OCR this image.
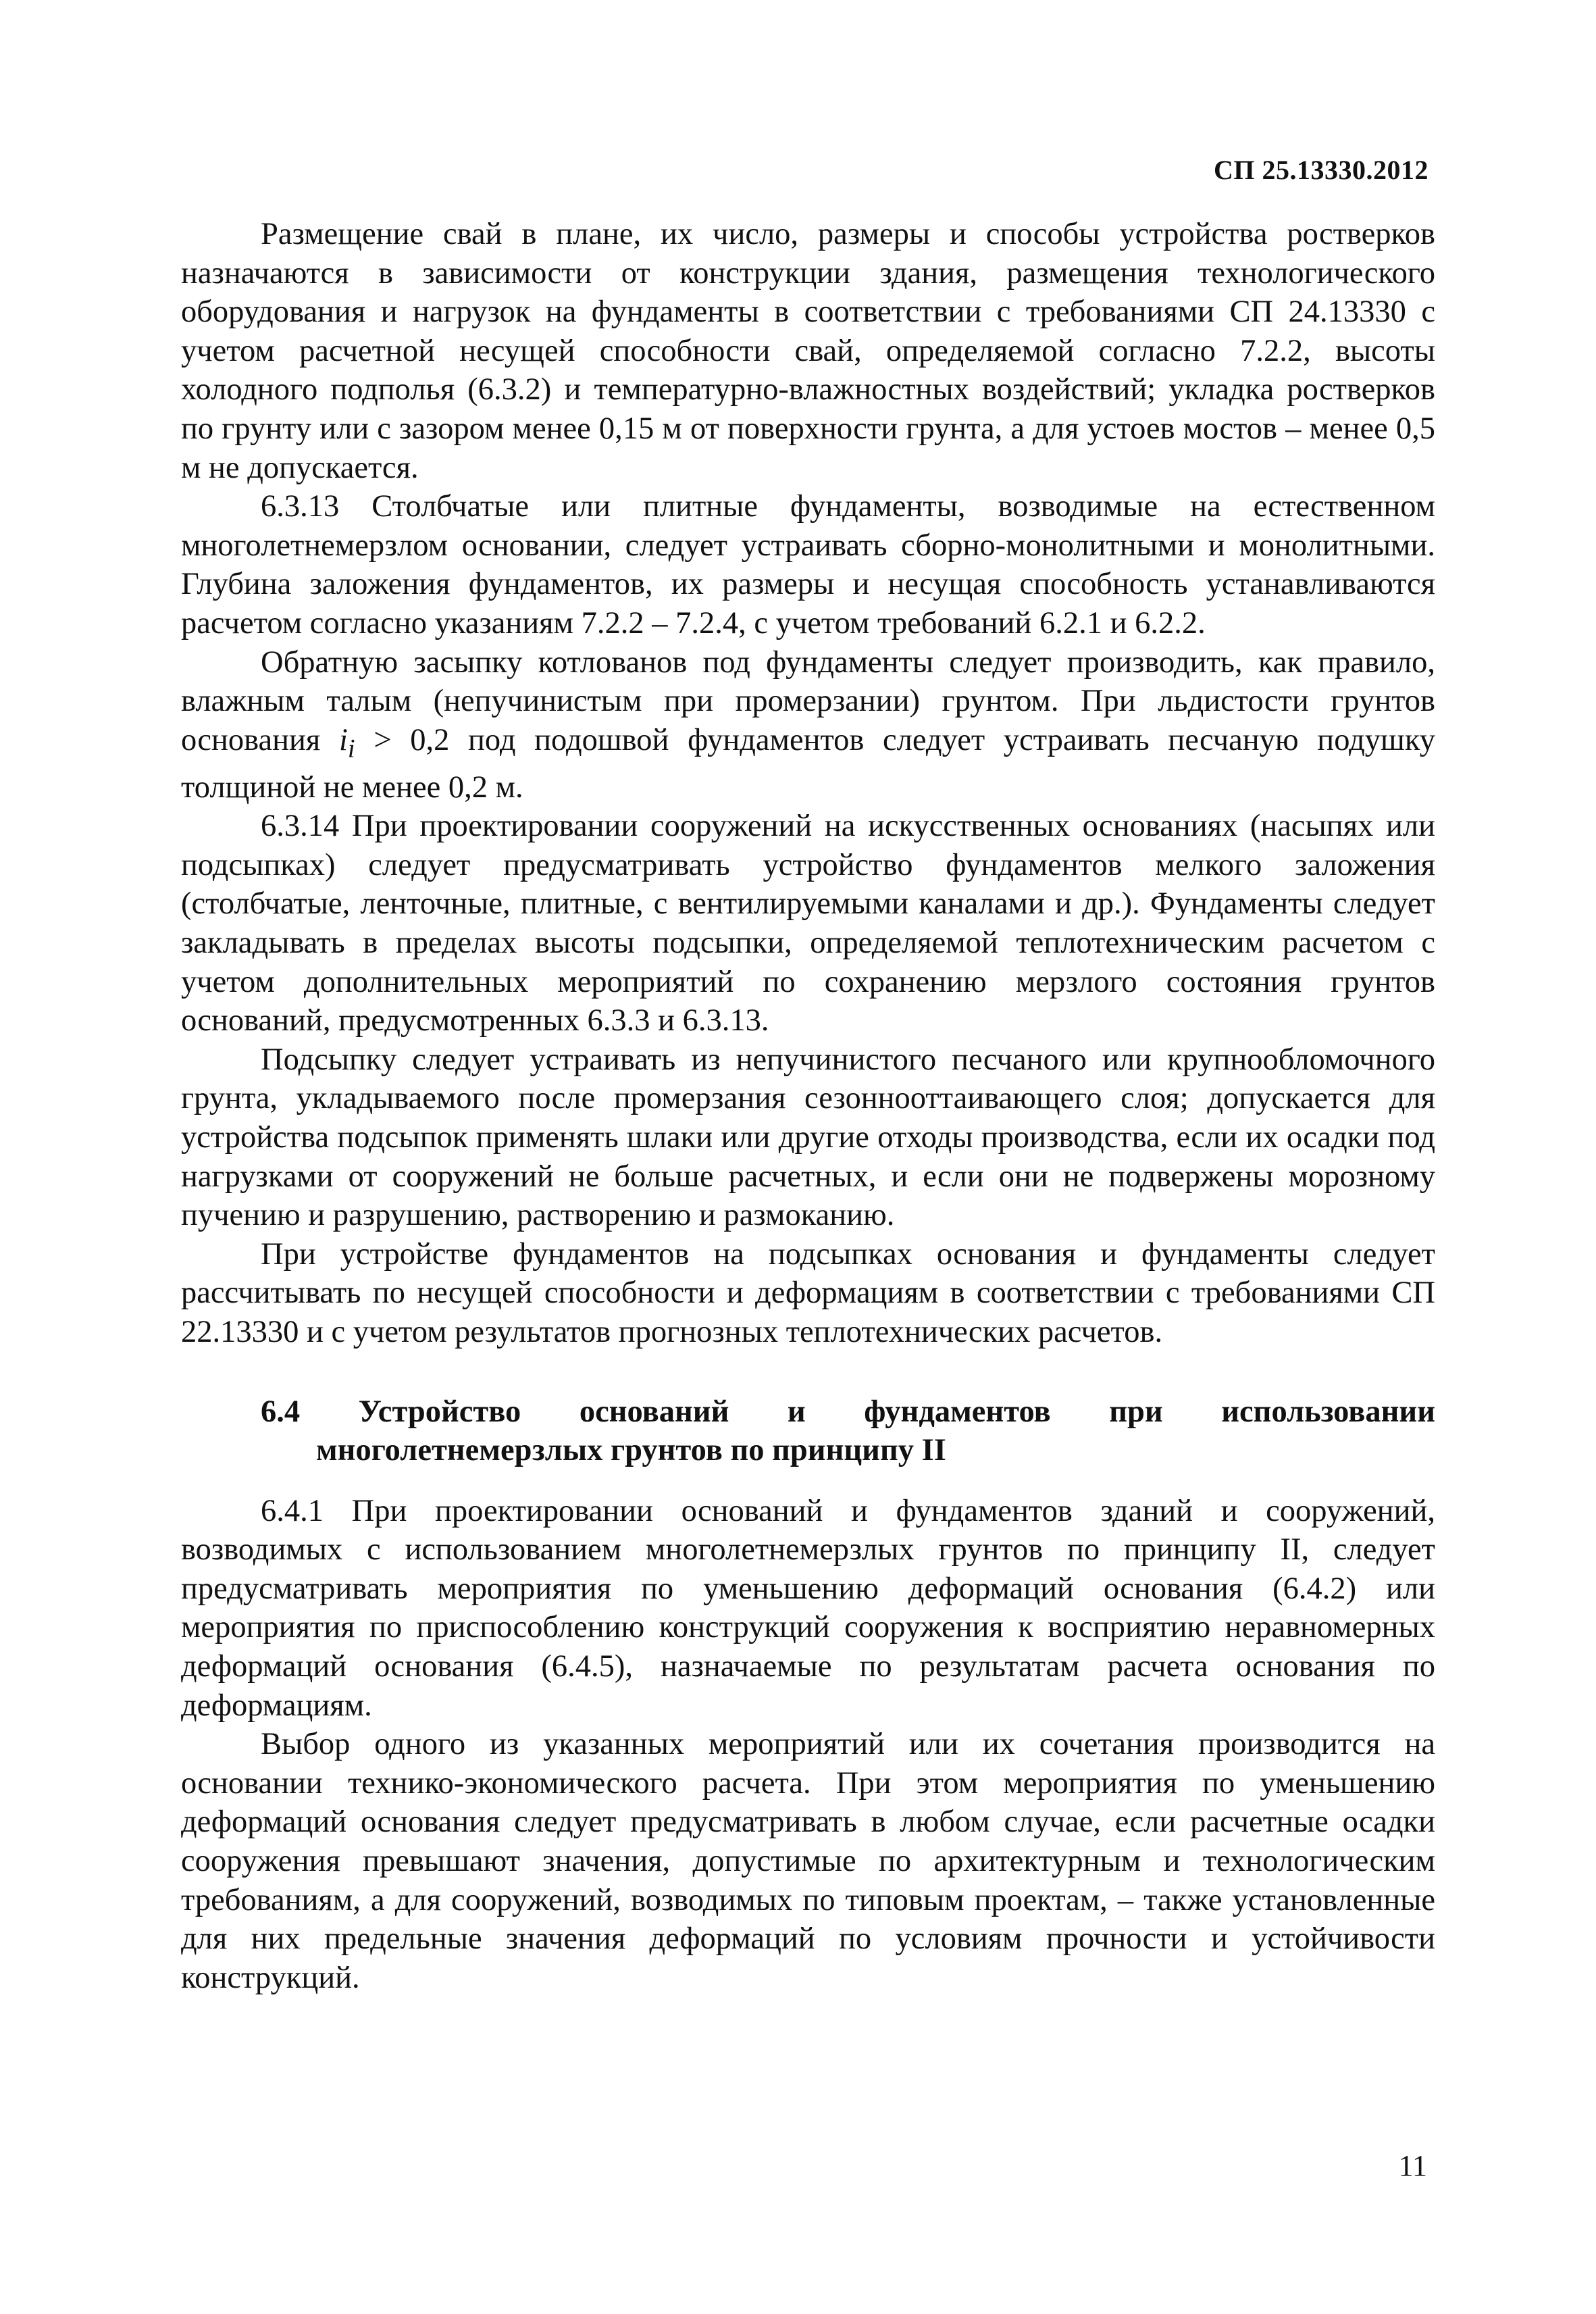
СП 25.13330.2012

Размещение свай в плане, их число, размеры и способы устройства ростверков назначаются в зависимости от конструкции здания, размещения технологического оборудования и нагрузок на фундаменты в соответствии с требованиями СП 24.13330 с учетом расчетной несущей способности свай, определяемой согласно 7.2.2, высоты холодного подполья (6.3.2) и температурно-влажностных воздействий; укладка ростверков по грунту или с зазором менее 0,15 м от поверхности грунта, а для устоев мостов – менее 0,5 м не допускается.

6.3.13 Столбчатые или плитные фундаменты, возводимые на естественном многолетнемерзлом основании, следует устраивать сборно-монолитными и монолитными. Глубина заложения фундаментов, их размеры и несущая способность устанавливаются расчетом согласно указаниям 7.2.2 – 7.2.4, с учетом требований 6.2.1 и 6.2.2.

Обратную засыпку котлованов под фундаменты следует производить, как правило, влажным талым (непучинистым при промерзании) грунтом. При льдистости грунтов основания $i_i > 0,2$ под подошвой фундаментов следует устраивать песчаную подушку толщиной не менее 0,2 м.

6.3.14 При проектировании сооружений на искусственных основаниях (насыпях или подсыпках) следует предусматривать устройство фундаментов мелкого заложения (столбчатые, ленточные, плитные, с вентилируемыми каналами и др.). Фундаменты следует закладывать в пределах высоты подсыпки, определяемой теплотехническим расчетом с учетом дополнительных мероприятий по сохранению мерзлого состояния грунтов оснований, предусмотренных 6.3.3 и 6.3.13.

Подсыпку следует устраивать из непучинистого песчаного или крупнообломочного грунта, укладываемого после промерзания сезоннооттаивающего слоя; допускается для устройства подсыпок применять шлаки или другие отходы производства, если их осадки под нагрузками от сооружений не больше расчетных, и если они не подвержены морозному пучению и разрушению, растворению и размоканию.

При устройстве фундаментов на подсыпках основания и фундаменты следует рассчитывать по несущей способности и деформациям в соответствии с требованиями СП 22.13330 и с учетом результатов прогнозных теплотехнических расчетов.

6.4 Устройство оснований и фундаментов при использовании
многолетнемерзлых грунтов по принципу II

6.4.1 При проектировании оснований и фундаментов зданий и сооружений, возводимых с использованием многолетнемерзлых грунтов по принципу II, следует предусматривать мероприятия по уменьшению деформаций основания (6.4.2) или мероприятия по приспособлению конструкций сооружения к восприятию неравномерных деформаций основания (6.4.5), назначаемые по результатам расчета основания по деформациям.

Выбор одного из указанных мероприятий или их сочетания производится на основании технико-экономического расчета. При этом мероприятия по уменьшению деформаций основания следует предусматривать в любом случае, если расчетные осадки сооружения превышают значения, допустимые по архитектурным и технологическим требованиям, а для сооружений, возводимых по типовым проектам, – также установленные для них предельные значения деформаций по условиям прочности и устойчивости конструкций.

11
